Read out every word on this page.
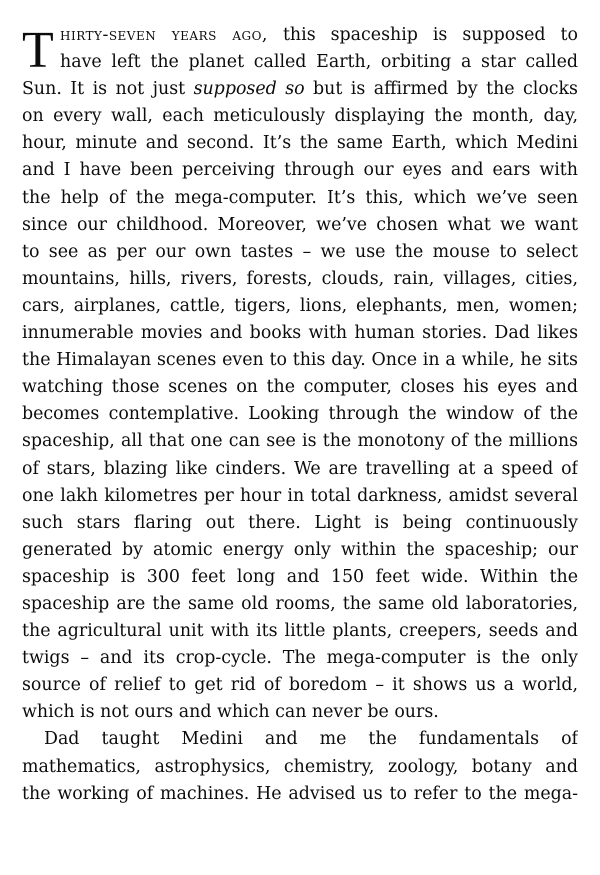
T hirty-seven years ago, this spaceship is supposed to
have left the planet called Earth, orbiting a star called
Sun. It is not just supposed so but is affirmed by the clocks
on every wall, each meticulously displaying the month, day,
hour, minute and second. It’s the same Earth, which Medini
and I have been perceiving through our eyes and ears with
the help of the mega-computer. It’s this, which we’ve seen
since our childhood. Moreover, we’ve chosen what we want
to see as per our own tastes – we use the mouse to select
mountains, hills, rivers, forests, clouds, rain, villages, cities,
cars, airplanes, cattle, tigers, lions, elephants, men, women;
innumerable movies and books with human stories. Dad likes
the Himalayan scenes even to this day. Once in a while, he sits
watching those scenes on the computer, closes his eyes and
becomes contemplative. Looking through the window of the
spaceship, all that one can see is the monotony of the millions
of stars, blazing like cinders. We are travelling at a speed of
one lakh kilometres per hour in total darkness, amidst several
such stars flaring out there. Light is being continuously
generated by atomic energy only within the spaceship; our
spaceship is 300 feet long and 150 feet wide. Within the
spaceship are the same old rooms, the same old laboratories,
the agricultural unit with its little plants, creepers, seeds and
twigs – and its crop-cycle. The mega-computer is the only
source of relief to get rid of boredom – it shows us a world,
which is not ours and which can never be ours.
Dad taught Medini and me the fundamentals of
mathematics, astrophysics, chemistry, zoology, botany and
the working of machines. He advised us to refer to the mega-
